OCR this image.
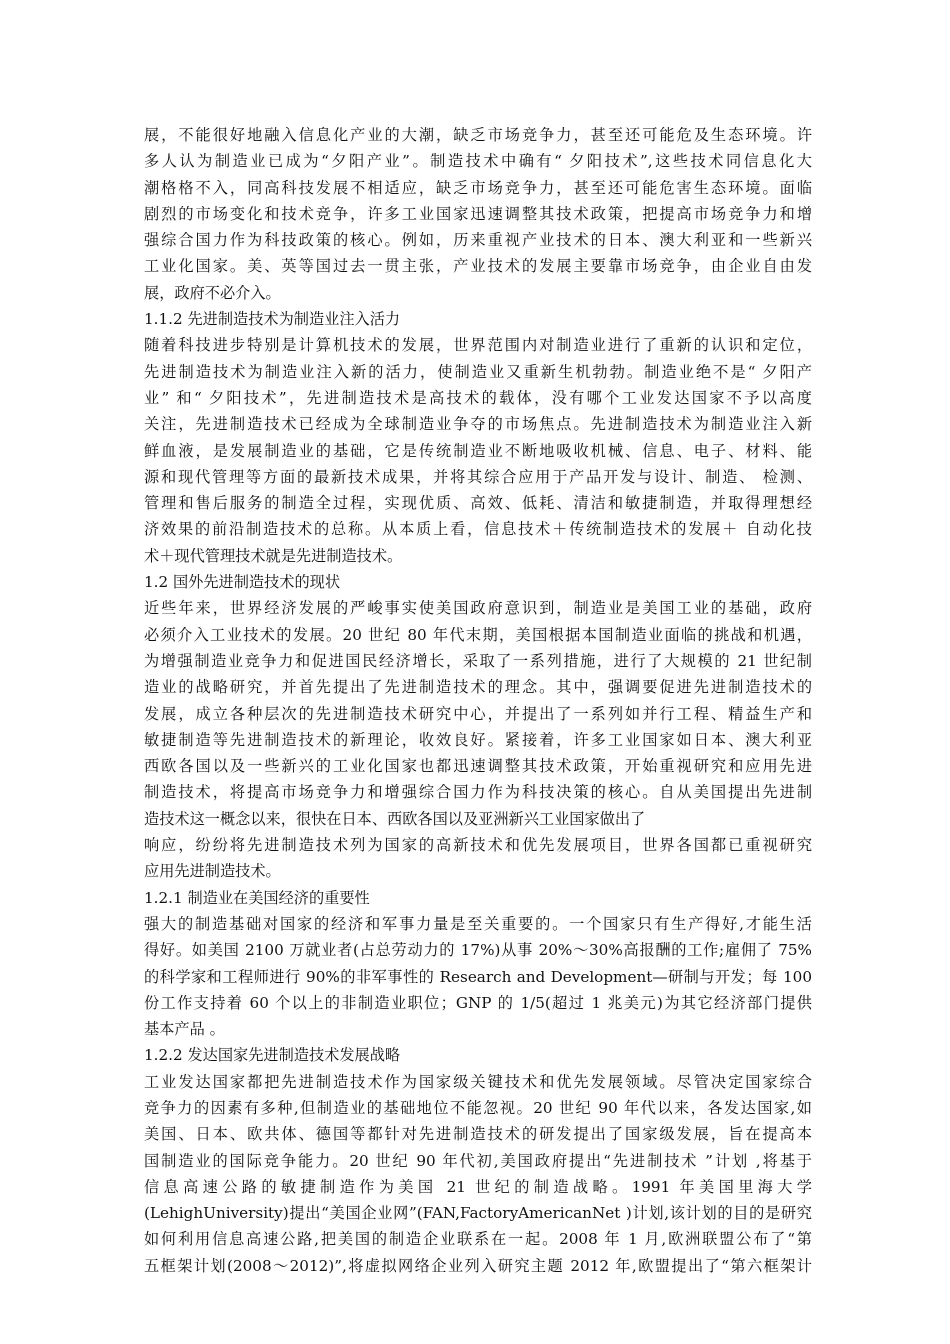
展，不能很好地融入信息化产业的大潮，缺乏市场竞争力，甚至还可能危及生态环境。许
多人认为制造业已成为“夕阳产业”。制造技术中确有“ 夕阳技术”,这些技术同信息化大
潮格格不入，同高科技发展不相适应，缺乏市场竞争力，甚至还可能危害生态环境。面临
剧烈的市场变化和技术竞争，许多工业国家迅速调整其技术政策，把提高市场竞争力和增
强综合国力作为科技政策的核心。例如，历来重视产业技术的日本、澳大利亚和一些新兴
工业化国家。美、英等国过去一贯主张，产业技术的发展主要靠市场竞争，由企业自由发
展，政府不必介入。
1.1.2 先进制造技术为制造业注入活力
随着科技进步特别是计算机技术的发展，世界范围内对制造业进行了重新的认识和定位，
先进制造技术为制造业注入新的活力，使制造业又重新生机勃勃。制造业绝不是“ 夕阳产
业” 和“ 夕阳技术”，先进制造技术是高技术的载体，没有哪个工业发达国家不予以高度
关注，先进制造技术已经成为全球制造业争夺的市场焦点。先进制造技术为制造业注入新
鲜血液，是发展制造业的基础，它是传统制造业不断地吸收机械、信息、电子、材料、能
源和现代管理等方面的最新技术成果，并将其综合应用于产品开发与设计、制造、 检测、
管理和售后服务的制造全过程，实现优质、高效、低耗、清洁和敏捷制造，并取得理想经
济效果的前沿制造技术的总称。从本质上看，信息技术＋传统制造技术的发展＋ 自动化技
术＋现代管理技术就是先进制造技术。
1.2 国外先进制造技术的现状
近些年来，世界经济发展的严峻事实使美国政府意识到，制造业是美国工业的基础，政府
必须介入工业技术的发展。20 世纪 80 年代末期，美国根据本国制造业面临的挑战和机遇，
为增强制造业竞争力和促进国民经济增长，采取了一系列措施，进行了大规模的 21 世纪制
造业的战略研究，并首先提出了先进制造技术的理念。其中，强调要促进先进制造技术的
发展，成立各种层次的先进制造技术研究中心，并提出了一系列如并行工程、精益生产和
敏捷制造等先进制造技术的新理论，收效良好。紧接着，许多工业国家如日本、澳大利亚
西欧各国以及一些新兴的工业化国家也都迅速调整其技术政策，开始重视研究和应用先进
制造技术，将提高市场竞争力和增强综合国力作为科技决策的核心。自从美国提出先进制
造技术这一概念以来，很快在日本、西欧各国以及亚洲新兴工业国家做出了
响应，纷纷将先进制造技术列为国家的高新技术和优先发展项目，世界各国都已重视研究
应用先进制造技术。
1.2.1 制造业在美国经济的重要性
强大的制造基础对国家的经济和军事力量是至关重要的。一个国家只有生产得好,才能生活
得好。如美国 2100 万就业者(占总劳动力的 17%)从事 20%～30%高报酬的工作;雇佣了 75%
的科学家和工程师进行 90%的非军事性的 Research and Development—研制与开发；每 100
份工作支持着 60 个以上的非制造业职位；GNP 的 1/5(超过 1 兆美元)为其它经济部门提供
基本产品 。
1.2.2 发达国家先进制造技术发展战略
工业发达国家都把先进制造技术作为国家级关键技术和优先发展领域。尽管决定国家综合
竞争力的因素有多种,但制造业的基础地位不能忽视。20 世纪 90 年代以来，各发达国家,如
美国、日本、欧共体、德国等都针对先进制造技术的研发提出了国家级发展，旨在提高本
国制造业的国际竞争能力。20 世纪 90 年代初,美国政府提出“先进制技术 ”计划 ,将基于
信息高速公路的敏捷制造作为美国 21 世纪的制造战略。1991 年美国里海大学
(LehighUniversity)提出“美国企业网”(FAN,FactoryAmericanNet )计划,该计划的目的是研究
如何利用信息高速公路,把美国的制造企业联系在一起。2008 年 1 月,欧洲联盟公布了“第
五框架计划(2008～2012)”,将虚拟网络企业列入研究主题 2012 年,欧盟提出了“第六框架计
